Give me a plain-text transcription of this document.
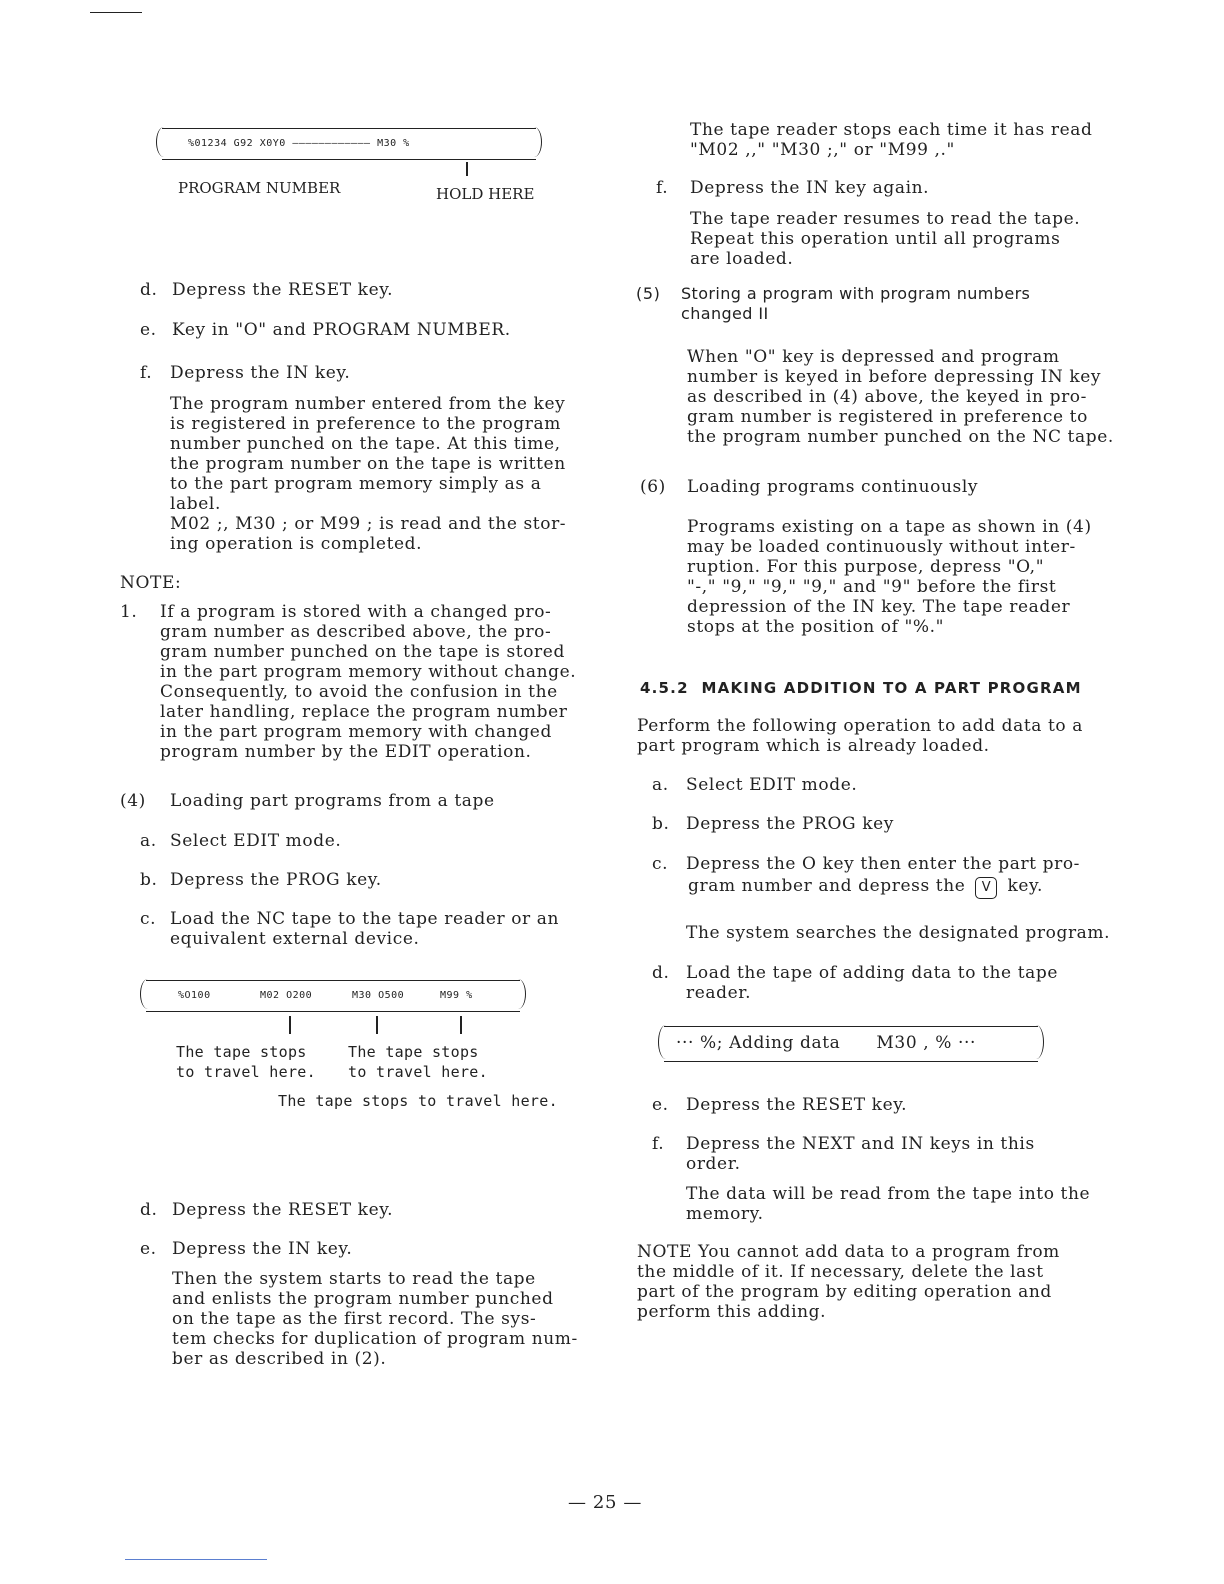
%01234 G92 X0Y0 ———————————— M30 %
PROGRAM NUMBER	HOLD HERE
d. Depress the RESET key.
e. Key in "O" and PROGRAM NUMBER.
f. Depress the IN key.
The program number entered from the key
is registered in preference to the program
number punched on the tape. At this time,
the program number on the tape is written
to the part program memory simply as a
label.
M02 ;, M30 ; or M99 ; is read and the stor-
ing operation is completed.
NOTE:
1. If a program is stored with a changed pro-
gram number as described above, the pro-
gram number punched on the tape is stored
in the part program memory without change.
Consequently, to avoid the confusion in the
later handling, replace the program number
in the part program memory with changed
program number by the EDIT operation.
(4) Loading part programs from a tape
a. Select EDIT mode.
b. Depress the PROG key.
c. Load the NC tape to the tape reader or an
equivalent external device.
%O100	M02 O200	M30 O500	M99 %
The tape stops
to travel here.
The tape stops
to travel here.
The tape stops to travel here.
d. Depress the RESET key.
e. Depress the IN key.
Then the system starts to read the tape
and enlists the program number punched
on the tape as the first record. The sys-
tem checks for duplication of program num-
ber as described in (2).
The tape reader stops each time it has read
"M02 ,," "M30 ;," or "M99 ,."
f. Depress the IN key again.
The tape reader resumes to read the tape.
Repeat this operation until all programs
are loaded.
(5) Storing a program with program numbers
changed II
When "O" key is depressed and program
number is keyed in before depressing IN key
as described in (4) above, the keyed in pro-
gram number is registered in preference to
the program number punched on the NC tape.
(6) Loading programs continuously
Programs existing on a tape as shown in (4)
may be loaded continuously without inter-
ruption. For this purpose, depress "O,"
"-," "9," "9," "9," and "9" before the first
depression of the IN key. The tape reader
stops at the position of "%."
4.5.2  MAKING ADDITION TO A PART PROGRAM
Perform the following operation to add data to a
part program which is already loaded.
a. Select EDIT mode.
b. Depress the PROG key
c. Depress the O key then enter the part pro-
gram number and depress the V key.
The system searches the designated program.
d. Load the tape of adding data to the tape
reader.
··· %; Adding data      M30 , % ···
e. Depress the RESET key.
f. Depress the NEXT and IN keys in this
order.
The data will be read from the tape into the
memory.
NOTE You cannot add data to a program from
the middle of it. If necessary, delete the last
part of the program by editing operation and
perform this adding.
— 25 —
